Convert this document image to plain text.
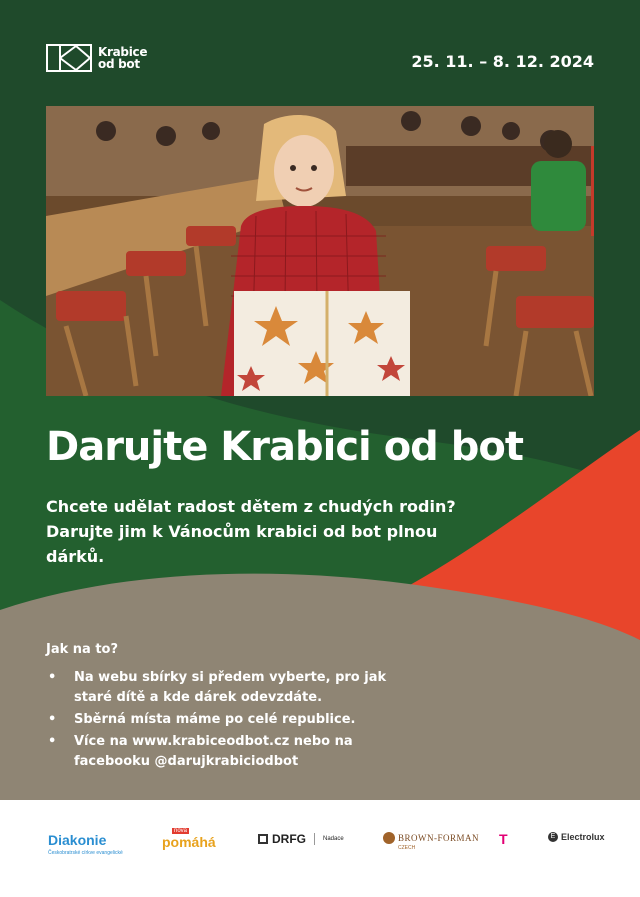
Krabice
od bot	25. 11. – 8. 12. 2024
Darujte Krabici od bot
Chcete udělat radost dětem z chudých rodin? Darujte jim k Vánocům krabici od bot plnou dárků.
Jak na to?
• Na webu sbírky si předem vyberte, pro jak staré dítě a kde dárek odevzdáte.
• Sběrná místa máme po celé republice.
• Více na www.krabiceodbot.cz nebo na facebooku @darujkrabiciodbot
Diakonie
Českobratrské církve evangelické
nova
pomáhá	DRFG	Nadace	BROWN-FORMAN
CZECH
T	E Electrolux
